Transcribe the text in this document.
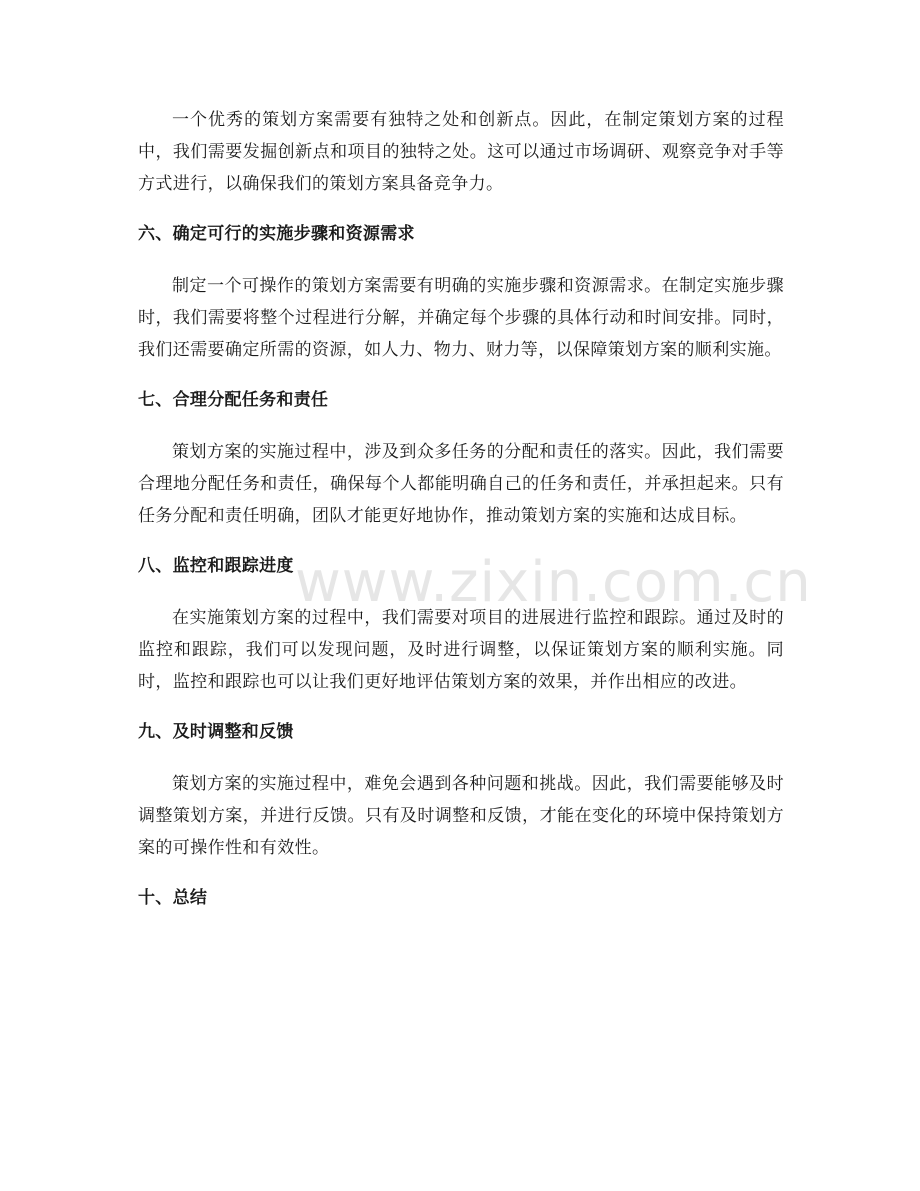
www.zixin.com.cn

一个优秀的策划方案需要有独特之处和创新点。因此，在制定策划方案的过程中，我们需要发掘创新点和项目的独特之处。这可以通过市场调研、观察竞争对手等方式进行，以确保我们的策划方案具备竞争力。

六、确定可行的实施步骤和资源需求

制定一个可操作的策划方案需要有明确的实施步骤和资源需求。在制定实施步骤时，我们需要将整个过程进行分解，并确定每个步骤的具体行动和时间安排。同时，我们还需要确定所需的资源，如人力、物力、财力等，以保障策划方案的顺利实施。

七、合理分配任务和责任

策划方案的实施过程中，涉及到众多任务的分配和责任的落实。因此，我们需要合理地分配任务和责任，确保每个人都能明确自己的任务和责任，并承担起来。只有任务分配和责任明确，团队才能更好地协作，推动策划方案的实施和达成目标。

八、监控和跟踪进度

在实施策划方案的过程中，我们需要对项目的进展进行监控和跟踪。通过及时的监控和跟踪，我们可以发现问题，及时进行调整，以保证策划方案的顺利实施。同时，监控和跟踪也可以让我们更好地评估策划方案的效果，并作出相应的改进。

九、及时调整和反馈

策划方案的实施过程中，难免会遇到各种问题和挑战。因此，我们需要能够及时调整策划方案，并进行反馈。只有及时调整和反馈，才能在变化的环境中保持策划方案的可操作性和有效性。

十、总结
